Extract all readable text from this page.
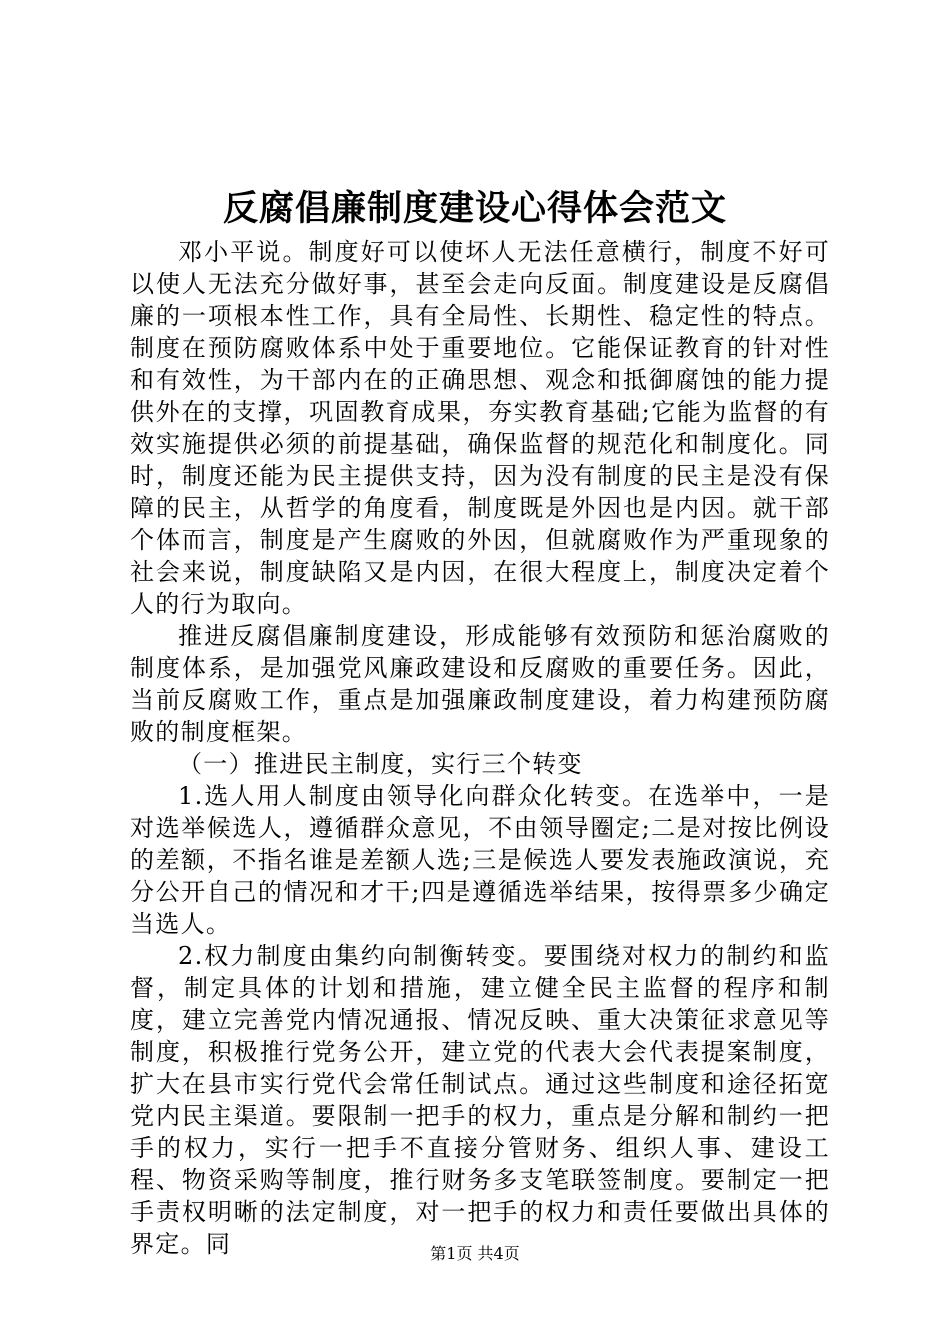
反腐倡廉制度建设心得体会范文

邓小平说。制度好可以使坏人无法任意横行，制度不好可以使人无法充分做好事，甚至会走向反面。制度建设是反腐倡廉的一项根本性工作，具有全局性、长期性、稳定性的特点。制度在预防腐败体系中处于重要地位。它能保证教育的针对性和有效性，为干部内在的正确思想、观念和抵御腐蚀的能力提供外在的支撑，巩固教育成果，夯实教育基础;它能为监督的有效实施提供必须的前提基础，确保监督的规范化和制度化。同时，制度还能为民主提供支持，因为没有制度的民主是没有保障的民主，从哲学的角度看，制度既是外因也是内因。就干部个体而言，制度是产生腐败的外因，但就腐败作为严重现象的社会来说，制度缺陷又是内因，在很大程度上，制度决定着个人的行为取向。

推进反腐倡廉制度建设，形成能够有效预防和惩治腐败的制度体系，是加强党风廉政建设和反腐败的重要任务。因此，当前反腐败工作，重点是加强廉政制度建设，着力构建预防腐败的制度框架。

（一）推进民主制度，实行三个转变

1.选人用人制度由领导化向群众化转变。在选举中，一是对选举候选人，遵循群众意见，不由领导圈定;二是对按比例设的差额，不指名谁是差额人选;三是候选人要发表施政演说，充分公开自己的情况和才干;四是遵循选举结果，按得票多少确定当选人。

2.权力制度由集约向制衡转变。要围绕对权力的制约和监督，制定具体的计划和措施，建立健全民主监督的程序和制度，建立完善党内情况通报、情况反映、重大决策征求意见等制度，积极推行党务公开，建立党的代表大会代表提案制度，扩大在县市实行党代会常任制试点。通过这些制度和途径拓宽党内民主渠道。要限制一把手的权力，重点是分解和制约一把手的权力，实行一把手不直接分管财务、组织人事、建设工程、物资采购等制度，推行财务多支笔联签制度。要制定一把手责权明晰的法定制度，对一把手的权力和责任要做出具体的界定。同	第1页 共4页
